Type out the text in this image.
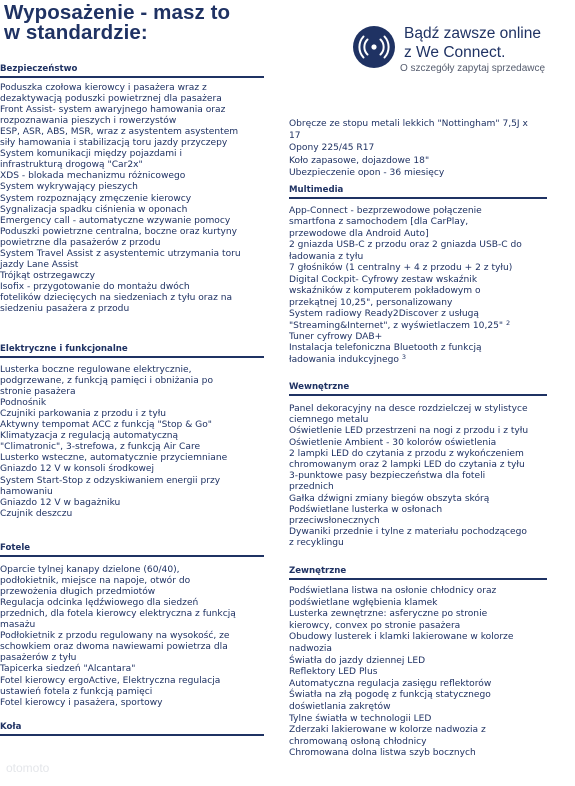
Wyposażenie - masz to
w standardzie:	Bądź zawsze online
z We Connect.
O szczegóły zapytaj sprzedawcę
Bezpieczeństwo
Poduszka czołowa kierowcy i pasażera wraz z
dezaktywacją poduszki powietrznej dla pasażera
Front Assist- system awaryjnego hamowania oraz
rozpoznawania pieszych i rowerzystów
ESP, ASR, ABS, MSR, wraz z asystentem asystentem
siły hamowania i stabilizacją toru jazdy przyczepy
System komunikacji między pojazdami i
infrastrukturą drogową "Car2x"
XDS - blokada mechanizmu różnicowego
System wykrywający pieszych
System rozpoznający zmęczenie kierowcy
Sygnalizacja spadku ciśnienia w oponach
Emergency call - automatyczne wzywanie pomocy
Poduszki powietrzne centralna, boczne oraz kurtyny
powietrzne dla pasażerów z przodu
System Travel Assist z asystentemic utrzymania toru
jazdy Lane Assist
Trójkąt ostrzegawczy
Isofix - przygotowanie do montażu dwóch
fotelików dziecięcych na siedzeniach z tyłu oraz na
siedzeniu pasażera z przodu
Elektryczne i funkcjonalne
Lusterka boczne regulowane elektrycznie,
podgrzewane, z funkcją pamięci i obniżania po
stronie pasażera
Podnośnik
Czujniki parkowania z przodu i z tyłu
Aktywny tempomat ACC z funkcją "Stop & Go"
Klimatyzacja z regulacją automatyczną
"Climatronic", 3-strefowa, z funkcją Air Care
Lusterko wsteczne, automatycznie przyciemniane
Gniazdo 12 V w konsoli środkowej
System Start-Stop z odzyskiwaniem energii przy
hamowaniu
Gniazdo 12 V w bagażniku
Czujnik deszczu
Fotele
Oparcie tylnej kanapy dzielone (60/40),
podłokietnik, miejsce na napoje, otwór do
przewożenia długich przedmiotów
Regulacja odcinka lędźwiowego dla siedzeń
przednich, dla fotela kierowcy elektryczna z funkcją
masażu
Podłokietnik z przodu regulowany na wysokość, ze
schowkiem oraz dwoma nawiewami powietrza dla
pasażerów z tyłu
Tapicerka siedzeń "Alcantara"
Fotel kierowcy ergoActive, Elektryczna regulacja
ustawień fotela z funkcją pamięci
Fotel kierowcy i pasażera, sportowy
Koła
Obręcze ze stopu metali lekkich "Nottingham" 7,5J x
17
Opony 225/45 R17
Koło zapasowe, dojazdowe 18"
Ubezpieczenie opon - 36 miesięcy
Multimedia
App-Connect - bezprzewodowe połączenie
smartfona z samochodem [dla CarPlay,
przewodowe dla Android Auto]
2 gniazda USB-C z przodu oraz 2 gniazda USB-C do
ładowania z tyłu
7 głośników (1 centralny + 4 z przodu + 2 z tyłu)
Digital Cockpit- Cyfrowy zestaw wskaźnik
wskaźników z komputerem pokładowym o
przekątnej 10,25", personalizowany
System radiowy Ready2Discover z usługą
"Streaming&Internet", z wyświetlaczem 10,25" $^2$
Tuner cyfrowy DAB+
Instalacja telefoniczna Bluetooth z funkcją
ładowania indukcyjnego $^3$
Wewnętrzne
Panel dekoracyjny na desce rozdzielczej w stylistyce
ciemnego metalu
Oświetlenie LED przestrzeni na nogi z przodu i z tyłu
Oświetlenie Ambient - 30 kolorów oświetlenia
2 lampki LED do czytania z przodu z wykończeniem
chromowanym oraz 2 lampki LED do czytania z tyłu
3-punktowe pasy bezpieczeństwa dla foteli
przednich
Gałka dźwigni zmiany biegów obszyta skórą
Podświetlane lusterka w osłonach
przeciwsłonecznych
Dywaniki przednie i tylne z materiału pochodzącego
z recyklingu
Zewnętrzne
Podświetlana listwa na osłonie chłodnicy oraz
podświetlane wgłębienia klamek
Lusterka zewnętrzne: asferyczne po stronie
kierowcy, convex po stronie pasażera
Obudowy lusterek i klamki lakierowane w kolorze
nadwozia
Światła do jazdy dziennej LED
Reflektory LED Plus
Automatyczna regulacja zasięgu reflektorów
Światła na złą pogodę z funkcją statycznego
doświetlania zakrętów
Tylne światła w technologii LED
Zderzaki lakierowane w kolorze nadwozia z
chromowaną osłoną chłodnicy
Chromowana dolna listwa szyb bocznych
otomoto
